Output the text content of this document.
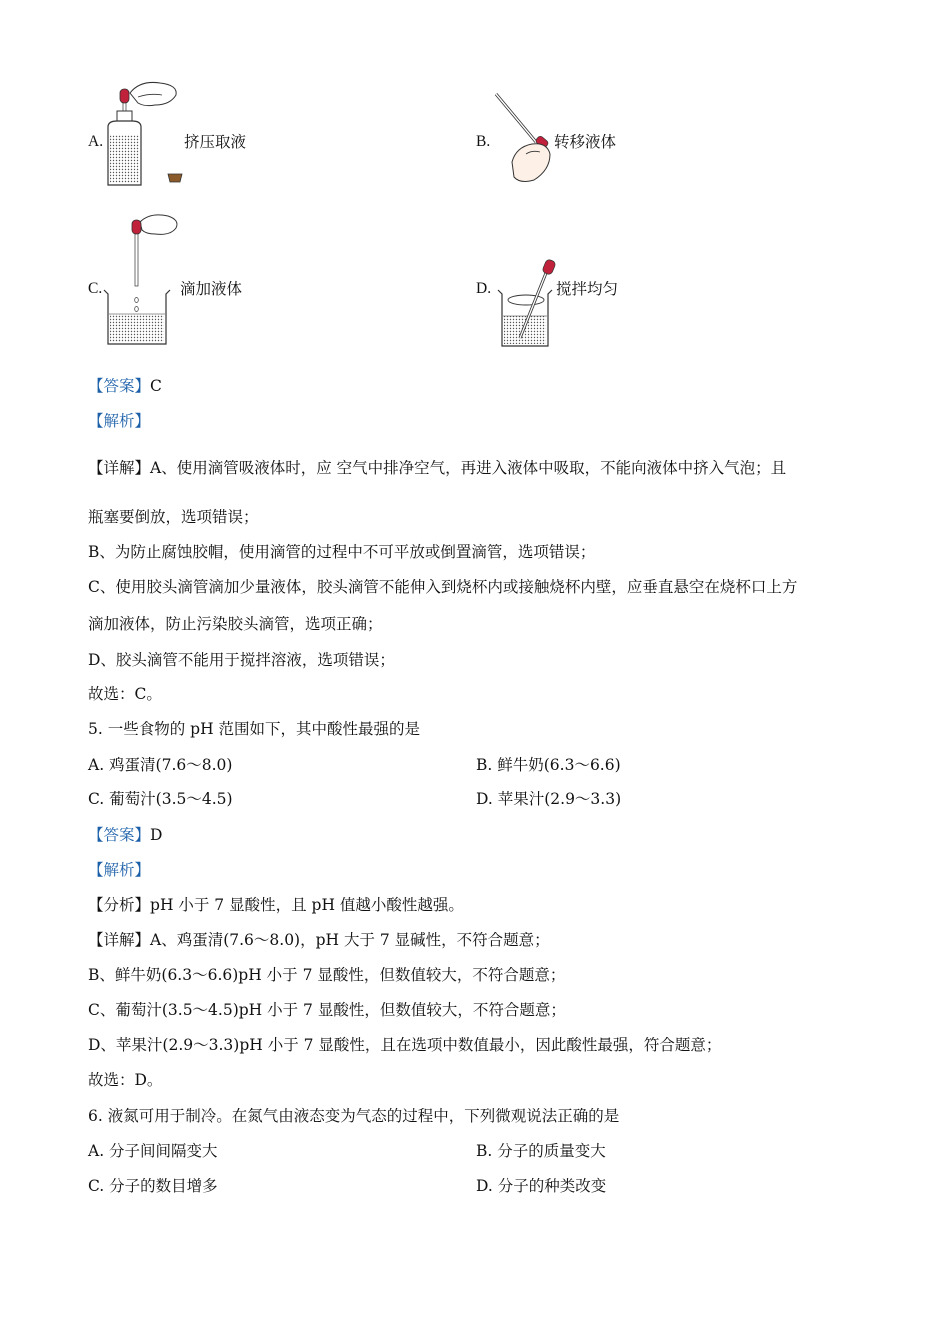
A.	挤压取液	B.	转移液体
C.	滴加液体	D.	搅拌均匀
【答案】C
【解析】
【详解】A、使用滴管吸液体时，应 空气中排净空气，再进入液体中吸取，不能向液体中挤入气泡；且
瓶塞要倒放，选项错误；
B、为防止腐蚀胶帽，使用滴管的过程中不可平放或倒置滴管，选项错误；
C、使用胶头滴管滴加少量液体，胶头滴管不能伸入到烧杯内或接触烧杯内壁，应垂直悬空在烧杯口上方
滴加液体，防止污染胶头滴管，选项正确；
D、胶头滴管不能用于搅拌溶液，选项错误；
故选：C。
5. 一些食物的 pH 范围如下，其中酸性最强的是
A. 鸡蛋清(7.6～8.0)	B. 鲜牛奶(6.3～6.6)
C. 葡萄汁(3.5～4.5)	D. 苹果汁(2.9～3.3)
【答案】D
【解析】
【分析】pH 小于 7 显酸性，且 pH 值越小酸性越强。
【详解】A、鸡蛋清(7.6～8.0)，pH 大于 7 显碱性，不符合题意；
B、鲜牛奶(6.3～6.6)pH 小于 7 显酸性，但数值较大，不符合题意；
C、葡萄汁(3.5～4.5)pH 小于 7 显酸性，但数值较大，不符合题意；
D、苹果汁(2.9～3.3)pH 小于 7 显酸性，且在选项中数值最小，因此酸性最强，符合题意；
故选：D。
6. 液氮可用于制冷。在氮气由液态变为气态的过程中，下列微观说法正确的是
A. 分子间间隔变大	B. 分子的质量变大
C. 分子的数目增多	D. 分子的种类改变
